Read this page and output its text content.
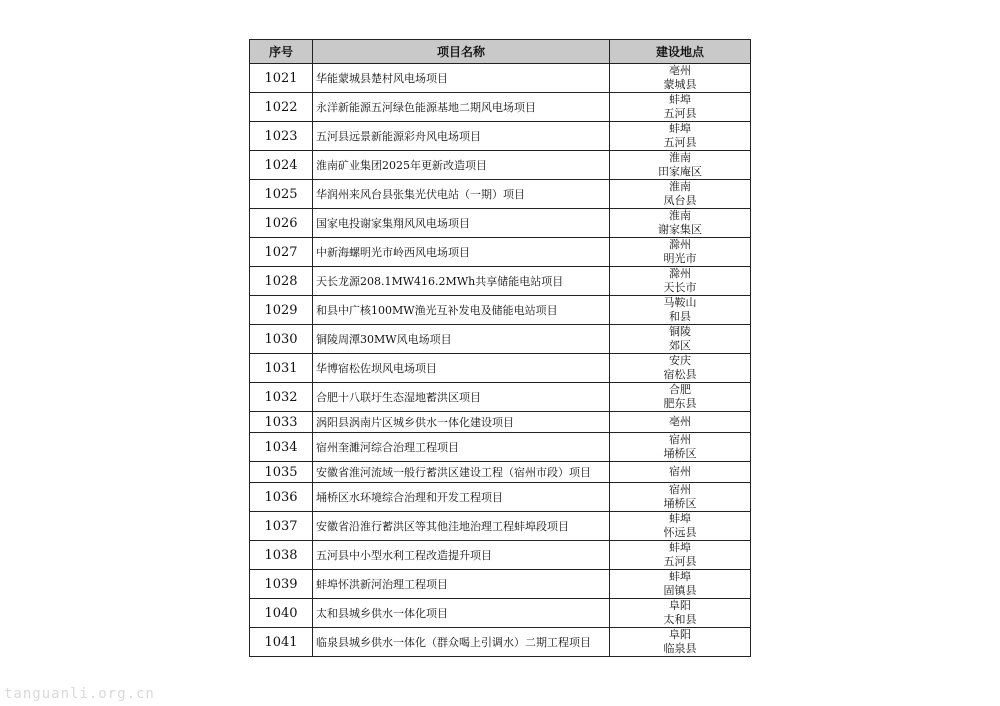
序号	项目名称	建设地点
1021	华能蒙城县楚村风电场项目	亳州
蒙城县

1022	永洋新能源五河绿色能源基地二期风电场项目	蚌埠
五河县

1023	五河县远景新能源彩舟风电场项目	蚌埠
五河县

1024	淮南矿业集团2025年更新改造项目	淮南
田家庵区

1025	华润州来风台县张集光伏电站（一期）项目	淮南
凤台县

1026	国家电投谢家集翔风风电场项目	淮南
谢家集区

1027	中新海螺明光市岭西风电场项目	滁州
明光市

1028	天长龙源208.1MW416.2MWh共享储能电站项目	滁州
天长市

1029	和县中广核100MW渔光互补发电及储能电站项目	马鞍山
和县

1030	铜陵周潭30MW风电场项目	铜陵
郊区

1031	华博宿松佐坝风电场项目	安庆
宿松县

1032	合肥十八联圩生态湿地蓄洪区项目	合肥
肥东县

1033	涡阳县涡南片区城乡供水一体化建设项目	亳州

1034	宿州奎濉河综合治理工程项目	宿州
埇桥区

1035	安徽省淮河流域一般行蓄洪区建设工程（宿州市段）项目	宿州

1036	埇桥区水环境综合治理和开发工程项目	宿州
埇桥区

1037	安徽省沿淮行蓄洪区等其他洼地治理工程蚌埠段项目	蚌埠
怀远县

1038	五河县中小型水利工程改造提升项目	蚌埠
五河县

1039	蚌埠怀洪新河治理工程项目	蚌埠
固镇县

1040	太和县城乡供水一体化项目	阜阳
太和县

1041	临泉县城乡供水一体化（群众喝上引调水）二期工程项目	阜阳
临泉县
tanguanli.org.cn
